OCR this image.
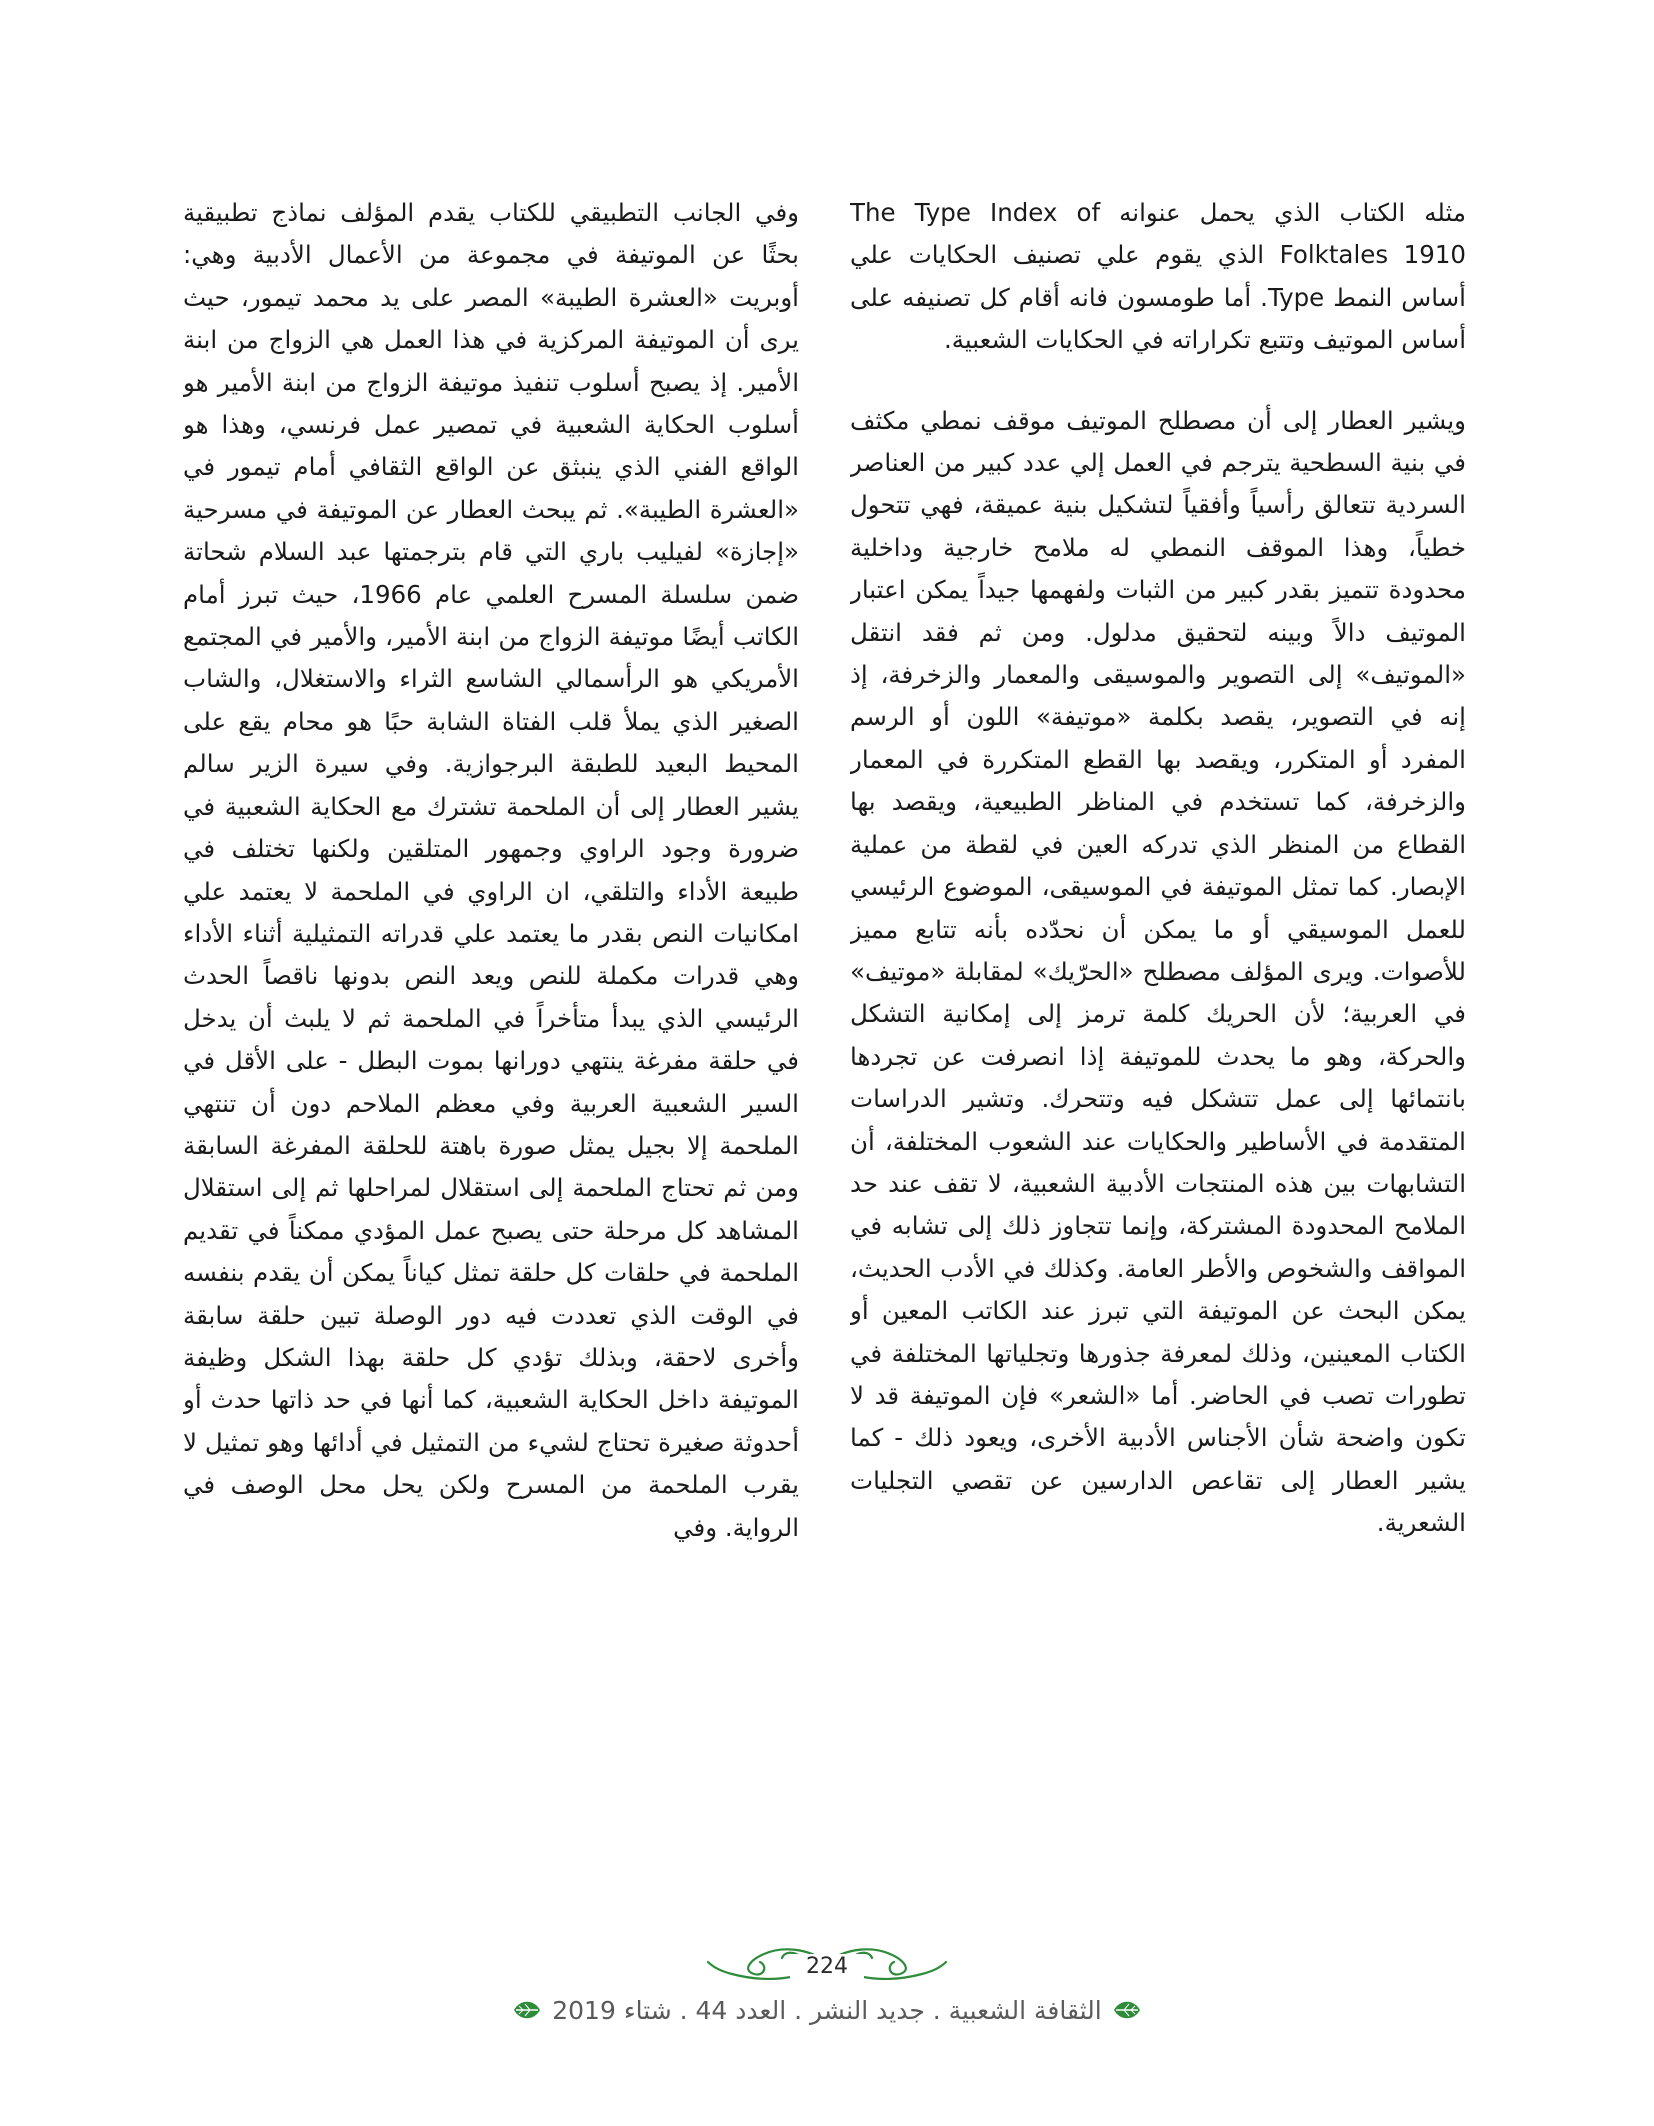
مثله الكتاب الذي يحمل عنوانه The Type Index of Folktales 1910 الذي يقوم علي تصنيف الحكايات علي أساس النمط Type. أما طومسون فانه أقام كل تصنيفه على أساس الموتيف وتتبع تكراراته في الحكايات الشعبية.

ويشير العطار إلى أن مصطلح الموتيف موقف نمطي مكثف في بنية السطحية يترجم في العمل إلي عدد كبير من العناصر السردية تتعالق رأسياً وأفقياً لتشكيل بنية عميقة، فهي تتحول خطياً، وهذا الموقف النمطي له ملامح خارجية وداخلية محدودة تتميز بقدر كبير من الثبات ولفهمها جيداً يمكن اعتبار الموتيف دالاً وبينه لتحقيق مدلول. ومن ثم فقد انتقل «الموتيف» إلى التصوير والموسيقى والمعمار والزخرفة، إذ إنه في التصوير، يقصد بكلمة «موتيفة» اللون أو الرسم المفرد أو المتكرر، ويقصد بها القطع المتكررة في المعمار والزخرفة، كما تستخدم في المناظر الطبيعية، ويقصد بها القطاع من المنظر الذي تدركه العين في لقطة من عملية الإبصار. كما تمثل الموتيفة في الموسيقى، الموضوع الرئيسي للعمل الموسيقي أو ما يمكن أن نحدّده بأنه تتابع مميز للأصوات. ويرى المؤلف مصطلح «الحرّيك» لمقابلة «موتيف» في العربية؛ لأن الحريك كلمة ترمز إلى إمكانية التشكل والحركة، وهو ما يحدث للموتيفة إذا انصرفت عن تجردها بانتمائها إلى عمل تتشكل فيه وتتحرك. وتشير الدراسات المتقدمة في الأساطير والحكايات عند الشعوب المختلفة، أن التشابهات بين هذه المنتجات الأدبية الشعبية، لا تقف عند حد الملامح المحدودة المشتركة، وإنما تتجاوز ذلك إلى تشابه في المواقف والشخوص والأطر العامة. وكذلك في الأدب الحديث، يمكن البحث عن الموتيفة التي تبرز عند الكاتب المعين أو الكتاب المعينين، وذلك لمعرفة جذورها وتجلياتها المختلفة في تطورات تصب في الحاضر. أما «الشعر» فإن الموتيفة قد لا تكون واضحة شأن الأجناس الأدبية الأخرى، ويعود ذلك - كما يشير العطار إلى تقاعص الدارسين عن تقصي التجليات الشعرية.

وفي الجانب التطبيقي للكتاب يقدم المؤلف نماذج تطبيقية بحثًا عن الموتيفة في مجموعة من الأعمال الأدبية وهي: أوبريت «العشرة الطيبة» المصر على يد محمد تيمور، حيث يرى أن الموتيفة المركزية في هذا العمل هي الزواج من ابنة الأمير. إذ يصبح أسلوب تنفيذ موتيفة الزواج من ابنة الأمير هو أسلوب الحكاية الشعبية في تمصير عمل فرنسي، وهذا هو الواقع الفني الذي ينبثق عن الواقع الثقافي أمام تيمور في «العشرة الطيبة». ثم يبحث العطار عن الموتيفة في مسرحية «إجازة» لفيليب باري التي قام بترجمتها عبد السلام شحاتة ضمن سلسلة المسرح العلمي عام 1966، حيث تبرز أمام الكاتب أيضًا موتيفة الزواج من ابنة الأمير، والأمير في المجتمع الأمريكي هو الرأسمالي الشاسع الثراء والاستغلال، والشاب الصغير الذي يملأ قلب الفتاة الشابة حبًا هو محام يقع على المحيط البعيد للطبقة البرجوازية. وفي سيرة الزير سالم يشير العطار إلى أن الملحمة تشترك مع الحكاية الشعبية في ضرورة وجود الراوي وجمهور المتلقين ولكنها تختلف في طبيعة الأداء والتلقي، ان الراوي في الملحمة لا يعتمد علي امكانيات النص بقدر ما يعتمد علي قدراته التمثيلية أثناء الأداء وهي قدرات مكملة للنص ويعد النص بدونها ناقصاً الحدث الرئيسي الذي يبدأ متأخراً في الملحمة ثم لا يلبث أن يدخل في حلقة مفرغة ينتهي دورانها بموت البطل - على الأقل في السير الشعبية العربية وفي معظم الملاحم دون أن تنتهي الملحمة إلا بجيل يمثل صورة باهتة للحلقة المفرغة السابقة ومن ثم تحتاج الملحمة إلى استقلال لمراحلها ثم إلى استقلال المشاهد كل مرحلة حتى يصبح عمل المؤدي ممكناً في تقديم الملحمة في حلقات كل حلقة تمثل كياناً يمكن أن يقدم بنفسه في الوقت الذي تعددت فيه دور الوصلة تبين حلقة سابقة وأخرى لاحقة، وبذلك تؤدي كل حلقة بهذا الشكل وظيفة الموتيفة داخل الحكاية الشعبية، كما أنها في حد ذاتها حدث أو أحدوثة صغيرة تحتاج لشيء من التمثيل في أدائها وهو تمثيل لا يقرب الملحمة من المسرح ولكن يحل محل الوصف في الرواية. وفي

224
الثقافة الشعبية . جديد النشر . العدد 44 . شتاء 2019
